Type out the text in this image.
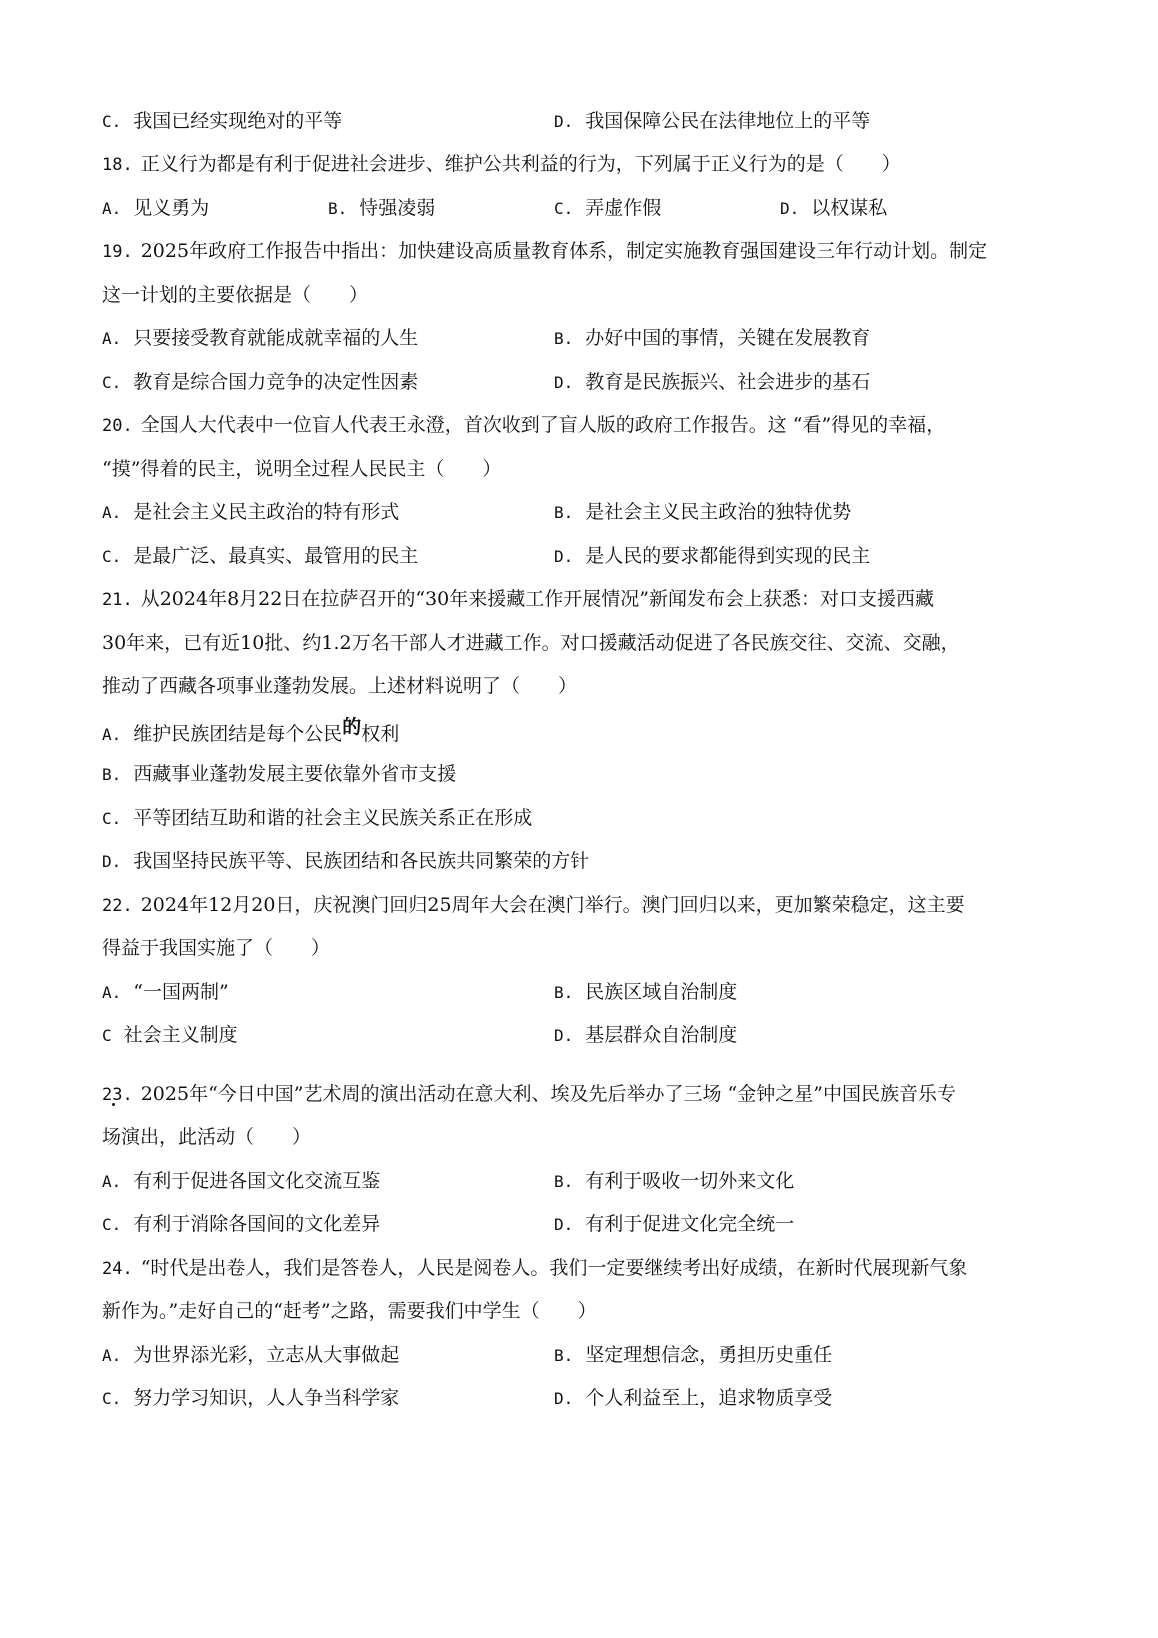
C. 我国已经实现绝对的平等	D. 我国保障公民在法律地位上的平等
18. 正义行为都是有利于促进社会进步、维护公共利益的行为，下列属于正义行为的是（　　）
A. 见义勇为	B. 恃强凌弱	C. 弄虚作假	D. 以权谋私
19. 2025年政府工作报告中指出：加快建设高质量教育体系，制定实施教育强国建设三年行动计划。制定
这一计划的主要依据是（　　）
A. 只要接受教育就能成就幸福的人生	B. 办好中国的事情，关键在发展教育
C. 教育是综合国力竞争的决定性因素	D. 教育是民族振兴、社会进步的基石
20. 全国人大代表中一位盲人代表王永澄，首次收到了盲人版的政府工作报告。这 “看”得见的幸福，
“摸”得着的民主，说明全过程人民民主（　　）
A. 是社会主义民主政治的特有形式	B. 是社会主义民主政治的独特优势
C. 是最广泛、最真实、最管用的民主	D. 是人民的要求都能得到实现的民主
21. 从2024年8月22日在拉萨召开的“30年来援藏工作开展情况”新闻发布会上获悉：对口支援西藏
30年来，已有近10批、约1.2万名干部人才进藏工作。对口援藏活动促进了各民族交往、交流、交融，
推动了西藏各项事业蓬勃发展。上述材料说明了（　　）
A. 维护民族团结是每个公民的权利
B. 西藏事业蓬勃发展主要依靠外省市支援
C. 平等团结互助和谐的社会主义民族关系正在形成
D. 我国坚持民族平等、民族团结和各民族共同繁荣的方针
22. 2024年12月20日，庆祝澳门回归25周年大会在澳门举行。澳门回归以来，更加繁荣稳定，这主要
得益于我国实施了（　　）
A. “一国两制”	B. 民族区域自治制度
C 社会主义制度	D. 基层群众自治制度
23. 2025年“今日中国”艺术周的演出活动在意大利、埃及先后举办了三场 “金钟之星”中国民族音乐专
场演出，此活动（　　）
A. 有利于促进各国文化交流互鉴	B. 有利于吸收一切外来文化
C. 有利于消除各国间的文化差异	D. 有利于促进文化完全统一
24. “时代是出卷人，我们是答卷人，人民是阅卷人。我们一定要继续考出好成绩，在新时代展现新气象
新作为。”走好自己的“赶考”之路，需要我们中学生（　　）
A. 为世界添光彩，立志从大事做起	B. 坚定理想信念，勇担历史重任
C. 努力学习知识，人人争当科学家	D. 个人利益至上，追求物质享受
